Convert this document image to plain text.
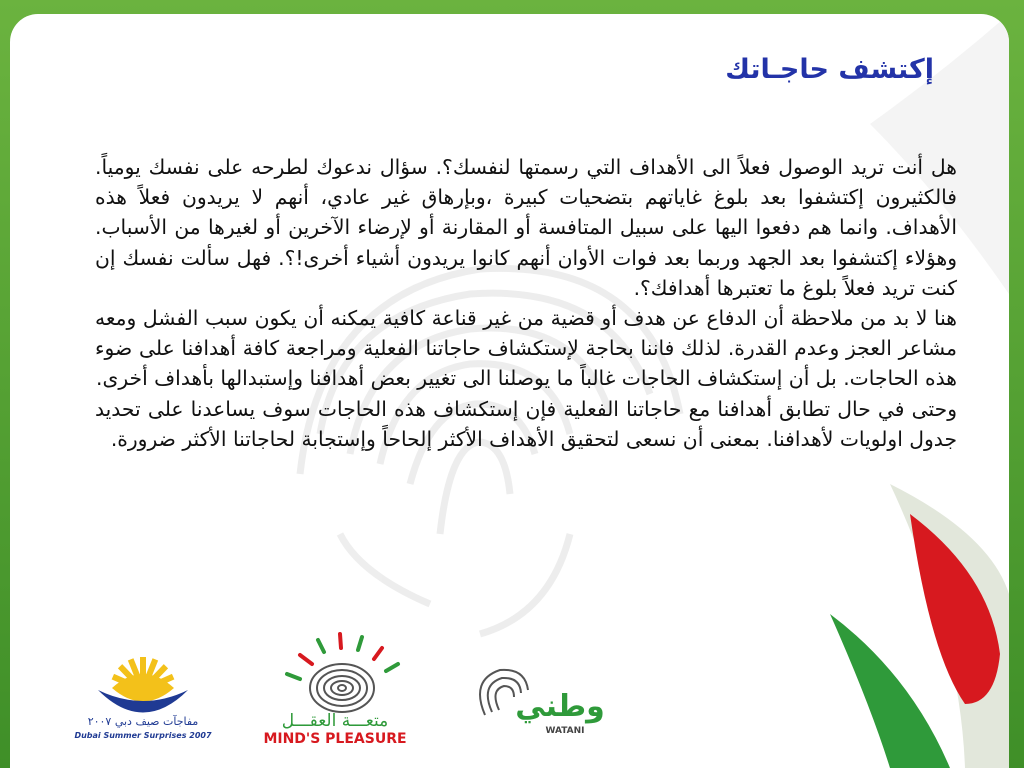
إكتشف حاجـاتك

هل أنت تريد الوصول فعلاً الى الأهداف التي رسمتها لنفسك؟. سؤال ندعوك لطرحه على نفسك يومياً. فالكثيرون إكتشفوا بعد بلوغ غاياتهم بتضحيات كبيرة ،وبإرهاق غير عادي، أنهم لا يريدون فعلاً هذه الأهداف. وانما هم دفعوا اليها على سبيل المتافسة أو المقارنة أو لإرضاء الآخرين أو لغيرها من الأسباب. وهؤلاء إكتشفوا بعد الجهد وربما بعد فوات الأوان أنهم كانوا يريدون أشياء أخرى!؟. فهل سألت نفسك إن كنت تريد فعلاً بلوغ ما تعتبرها أهدافك؟.

هنا لا بد من ملاحظة أن الدفاع عن هدف أو قضية من غير قناعة كافية يمكنه أن يكون سبب الفشل ومعه مشاعر العجز وعدم القدرة. لذلك فاننا بحاجة لإستكشاف حاجاتنا الفعلية ومراجعة كافة أهدافنا على ضوء هذه الحاجات. بل أن إستكشاف الحاجات غالباً ما يوصلنا الى تغيير بعض أهدافنا وإستبدالها بأهداف أخرى.

وحتى في حال تطابق أهدافنا مع حاجاتنا الفعلية فإن إستكشاف هذه الحاجات سوف يساعدنا على تحديد جدول اولويات لأهدافنا. بمعنى أن نسعى لتحقيق الأهداف الأكثر إلحاحاً وإستجابة لحاجاتنا الأكثر ضرورة.

مفاجآت صيف دبي ٢٠٠٧
Dubai Summer Surprises 2007
متعـــة العقـــل
MIND'S PLEASURE
وطني
WATANI
